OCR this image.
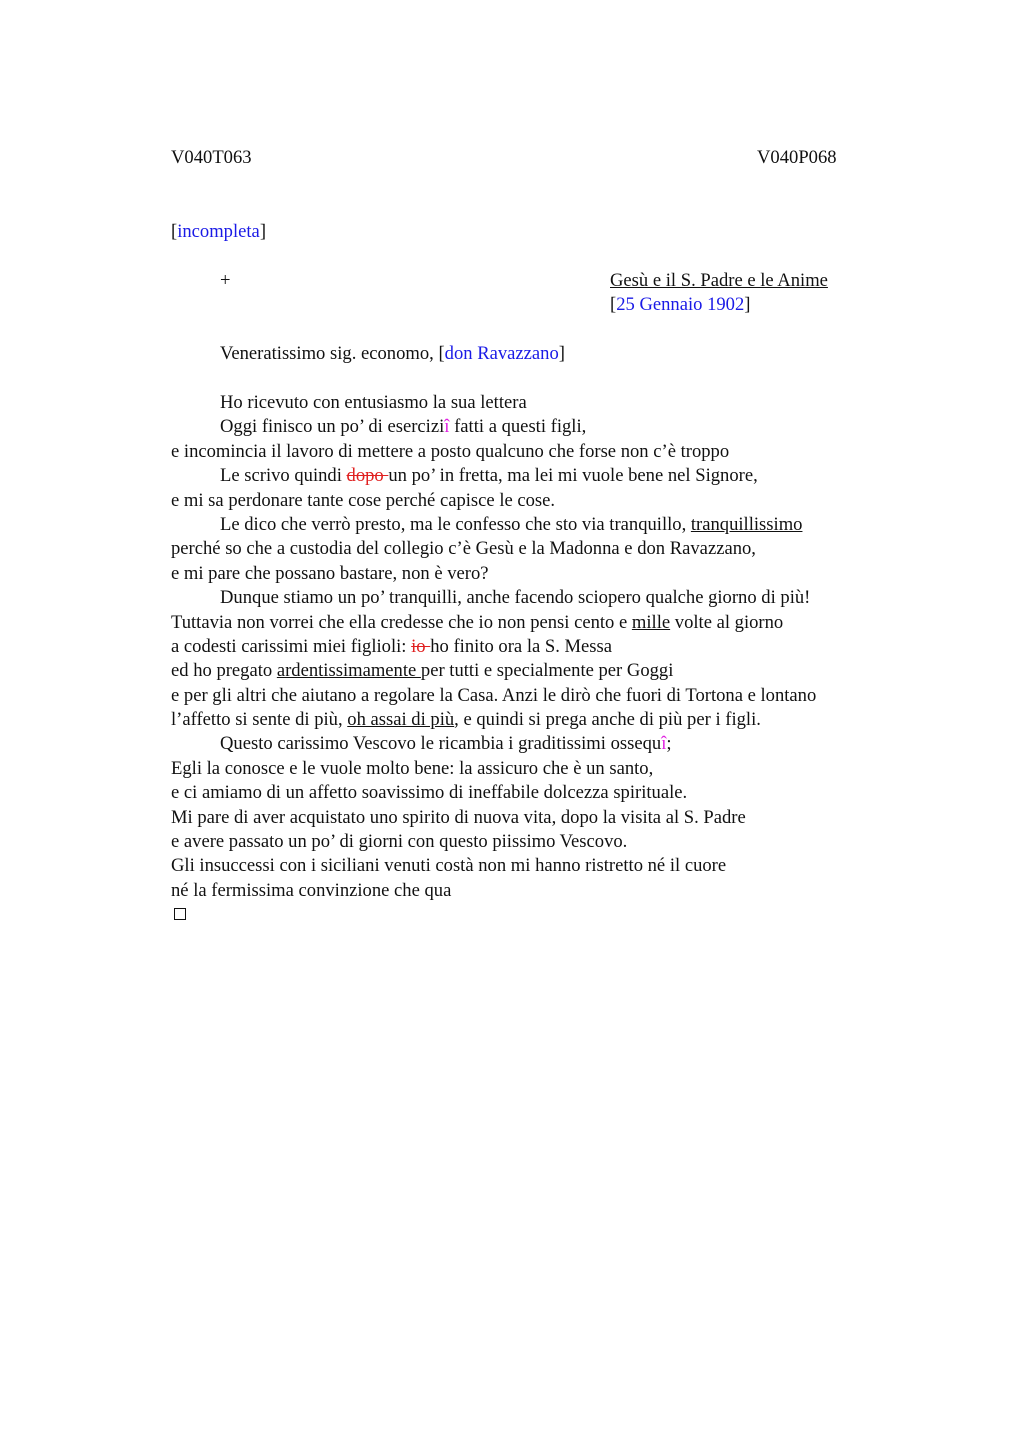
V040T063	V040P068
[incompleta]
+	Gesù e il S. Padre e le Anime
[25 Gennaio 1902]
Veneratissimo sig. economo, [don Ravazzano]
Ho ricevuto con entusiasmo la sua lettera
Oggi finisco un po’ di eserciziî fatti a questi figli,
e incomincia il lavoro di mettere a posto qualcuno che forse non c’è troppo
Le scrivo quindi dopo un po’ in fretta, ma lei mi vuole bene nel Signore,
e mi sa perdonare tante cose perché capisce le cose.
Le dico che verrò presto, ma le confesso che sto via tranquillo, tranquillissimo
perché so che a custodia del collegio c’è Gesù e la Madonna e don Ravazzano,
e mi pare che possano bastare, non è vero?
Dunque stiamo un po’ tranquilli, anche facendo sciopero qualche giorno di più!
Tuttavia non vorrei che ella credesse che io non pensi cento e mille volte al giorno
a codesti carissimi miei figlioli: io ho finito ora la S. Messa
ed ho pregato ardentissimamente per tutti e specialmente per Goggi
e per gli altri che aiutano a regolare la Casa. Anzi le dirò che fuori di Tortona e lontano
l’affetto si sente di più, oh assai di più, e quindi si prega anche di più per i figli.
Questo carissimo Vescovo le ricambia i graditissimi ossequî;
Egli la conosce e le vuole molto bene: la assicuro che è un santo,
e ci amiamo di un affetto soavissimo di ineffabile dolcezza spirituale.
Mi pare di aver acquistato uno spirito di nuova vita, dopo la visita al S. Padre
e avere passato un po’ di giorni con questo piissimo Vescovo.
Gli insuccessi con i siciliani venuti costà non mi hanno ristretto né il cuore
né la fermissima convinzione che qua
